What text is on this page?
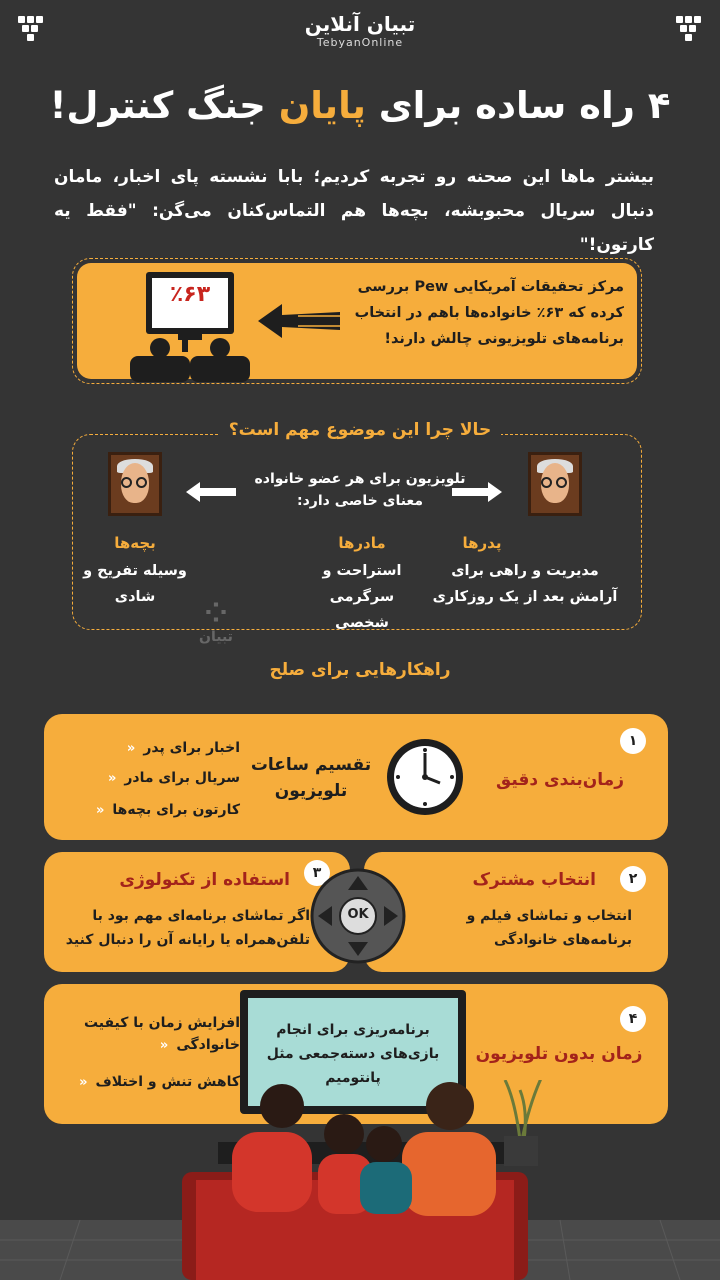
تبیان آنلاین
TebyanOnline
۴ راه ساده برای پایان جنگ کنترل!
بیشتر ماها این صحنه رو تجربه کردیم؛ بابا نشسته پای اخبار، مامان دنبال سریال محبوبشه، بچه‌ها هم التماس‌کنان می‌گن: "فقط یه کارتون!"
مرکز تحقیقات آمریکایی Pew بررسی کرده که ۶۳٪ خانواده‌ها باهم در انتخاب برنامه‌های تلویزیونی چالش دارند!
٪۶۳
حالا چرا این موضوع مهم است؟
تلویزیون برای هر عضو خانواده معنای خاصی دارد:
پدرها
مدیریت و راهی برای آرامش بعد از یک روزکاری
مادرها
استراحت و سرگرمی شخصی
بچه‌ها
وسیله تفریح و شادی	⁘
تبیان
راهکارهایی برای صلح
۱
زمان‌بندی دقیق
تقسیم ساعات تلویزیون
اخبار برای پدر «
سریال برای مادر «
کارتون برای بچه‌ها «
۲
انتخاب مشترک
انتخاب و تماشای فیلم و برنامه‌های خانوادگی
۳
استفاده از تکنولوژی
اگر تماشای برنامه‌ای مهم بود با تلفن‌همراه یا رایانه آن را دنبال کنید
OK
۴
زمان بدون تلویزیون
برنامه‌ریزی برای انجام بازی‌های دسته‌جمعی مثل پانتومیم
افزایش زمان با کیفیت خانوادگی «
کاهش تنش و اختلاف «
